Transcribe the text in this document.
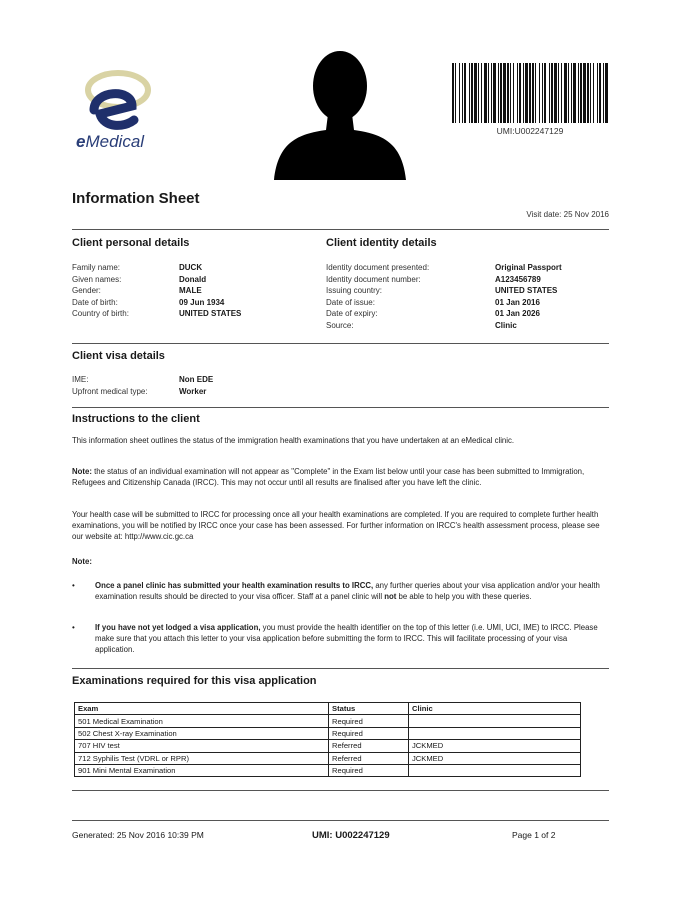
eMedical
UMI:U002247129
Information Sheet
Visit date: 25 Nov 2016
Client personal details
Family name:	DUCK
Given names:	Donald
Gender:	MALE
Date of birth:	09 Jun 1934
Country of birth:	UNITED STATES
Client identity details
Identity document presented:	Original Passport
Identity document number:	A123456789
Issuing country:	UNITED STATES
Date of issue:	01 Jan 2016
Date of expiry:	01 Jan 2026
Source:	Clinic
Client visa details
IME:	Non EDE
Upfront medical type:	Worker
Instructions to the client
This information sheet outlines the status of the immigration health examinations that you have undertaken at an eMedical clinic.
Note: the status of an individual examination will not appear as "Complete" in the Exam list below until your case has been submitted to Immigration, Refugees and Citizenship Canada (IRCC). This may not occur until all results are finalised after you have left the clinic.
Your health case will be submitted to IRCC for processing once all your health examinations are completed. If you are required to complete further health examinations, you will be notified by IRCC once your case has been assessed. For further information on IRCC's health assessment process, please see our website at: http://www.cic.gc.ca
Note:
•	Once a panel clinic has submitted your health examination results to IRCC, any further queries about your visa application and/or your health examination results should be directed to your visa officer. Staff at a panel clinic will not be able to help you with these queries.
•	If you have not yet lodged a visa application, you must provide the health identifier on the top of this letter (i.e. UMI, UCI, IME) to IRCC. Please make sure that you attach this letter to your visa application before submitting the form to IRCC. This will facilitate processing of your visa application.
Examinations required for this visa application
Exam	Status	Clinic
501 Medical Examination	Required	
502 Chest X-ray Examination	Required	
707 HIV test	Referred	JCKMED
712 Syphilis Test (VDRL or RPR)	Referred	JCKMED
901 Mini Mental Examination	Required	
Generated: 25 Nov 2016 10:39 PM	UMI: U002247129	Page 1 of 2
